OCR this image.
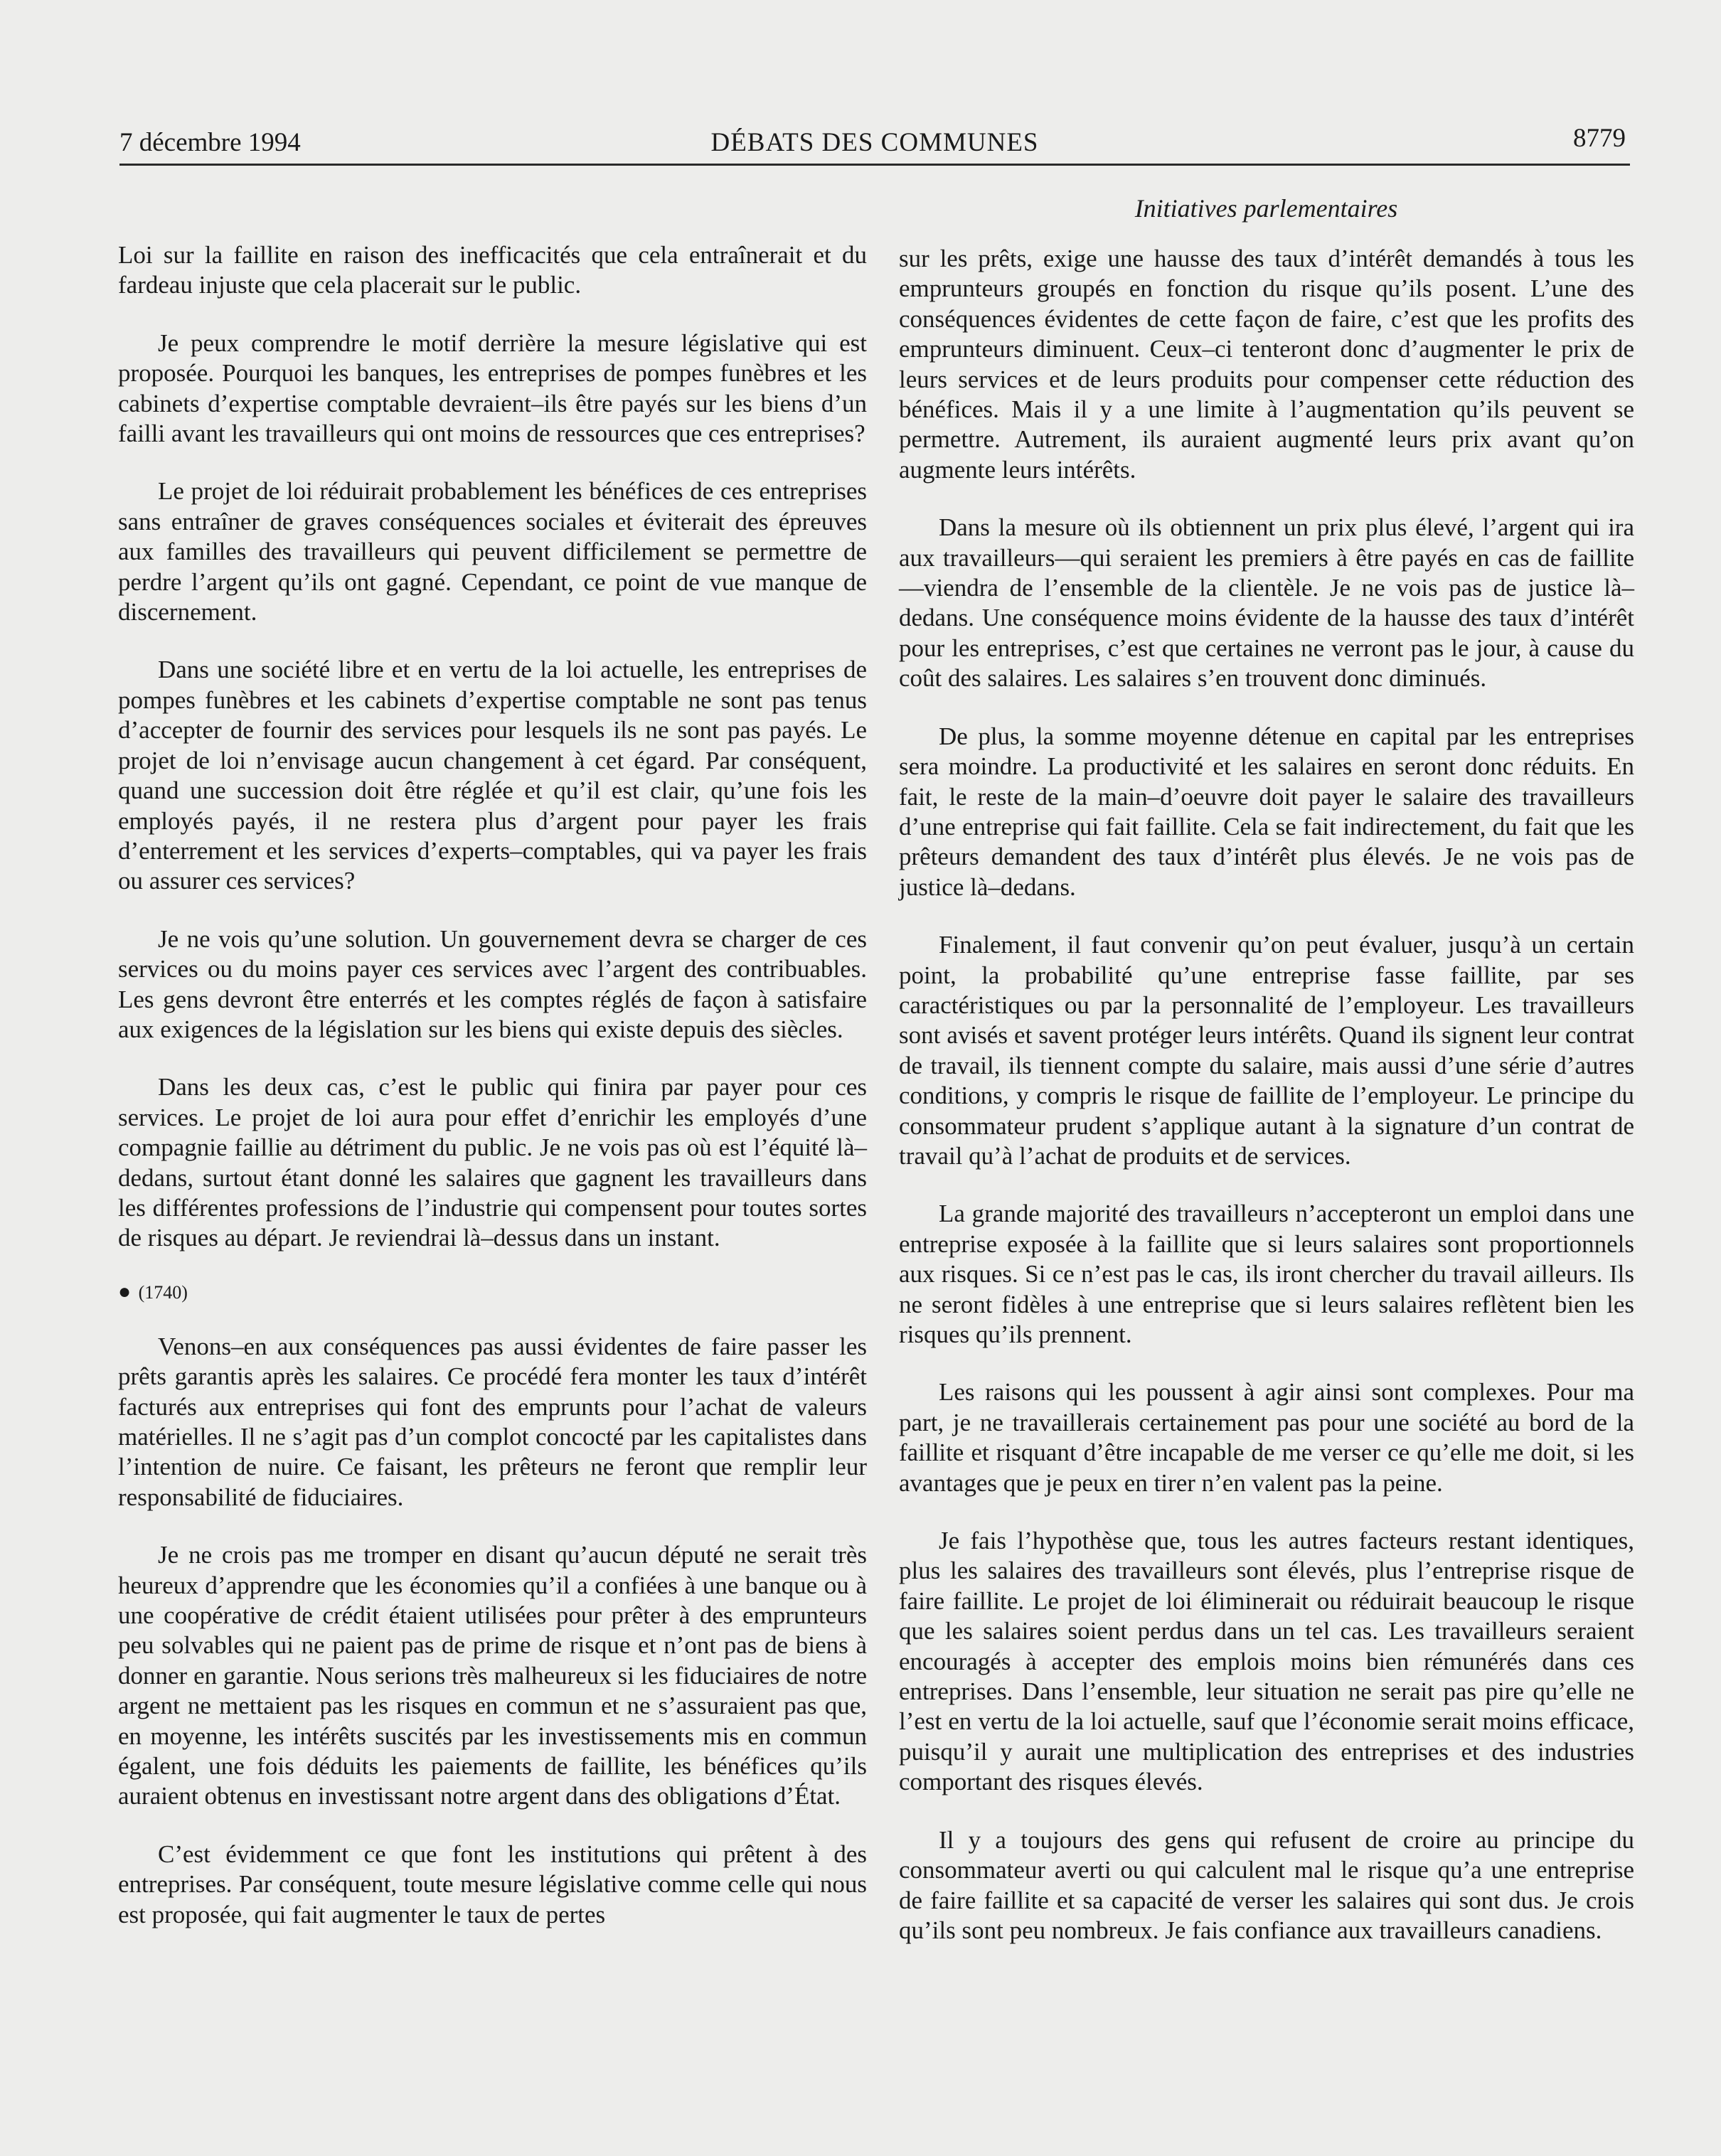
7 décembre 1994	DÉBATS DES COMMUNES	8779
Initiatives parlementaires

Loi sur la faillite en raison des inefficacités que cela entraînerait et du fardeau injuste que cela placerait sur le public.

Je peux comprendre le motif derrière la mesure législative qui est proposée. Pourquoi les banques, les entreprises de pompes funèbres et les cabinets d’expertise comptable devraient–ils être payés sur les biens d’un failli avant les travailleurs qui ont moins de ressources que ces entreprises?

Le projet de loi réduirait probablement les bénéfices de ces entreprises sans entraîner de graves conséquences sociales et éviterait des épreuves aux familles des travailleurs qui peuvent difficilement se permettre de perdre l’argent qu’ils ont gagné. Cependant, ce point de vue manque de discernement.

Dans une société libre et en vertu de la loi actuelle, les entreprises de pompes funèbres et les cabinets d’expertise comptable ne sont pas tenus d’accepter de fournir des services pour lesquels ils ne sont pas payés. Le projet de loi n’envisage aucun changement à cet égard. Par conséquent, quand une succession doit être réglée et qu’il est clair, qu’une fois les employés payés, il ne restera plus d’argent pour payer les frais d’enterrement et les services d’experts–comptables, qui va payer les frais ou assurer ces services?

Je ne vois qu’une solution. Un gouvernement devra se charger de ces services ou du moins payer ces services avec l’argent des contribuables. Les gens devront être enterrés et les comptes réglés de façon à satisfaire aux exigences de la législation sur les biens qui existe depuis des siècles.

Dans les deux cas, c’est le public qui finira par payer pour ces services. Le projet de loi aura pour effet d’enrichir les employés d’une compagnie faillie au détriment du public. Je ne vois pas où est l’équité là–dedans, surtout étant donné les salaires que gagnent les travailleurs dans les différentes professions de l’industrie qui compensent pour toutes sortes de risques au départ. Je reviendrai là–dessus dans un instant.

● (1740)

Venons–en aux conséquences pas aussi évidentes de faire passer les prêts garantis après les salaires. Ce procédé fera monter les taux d’intérêt facturés aux entreprises qui font des emprunts pour l’achat de valeurs matérielles. Il ne s’agit pas d’un complot concocté par les capitalistes dans l’intention de nuire. Ce faisant, les prêteurs ne feront que remplir leur responsabilité de fiduciaires.

Je ne crois pas me tromper en disant qu’aucun député ne serait très heureux d’apprendre que les économies qu’il a confiées à une banque ou à une coopérative de crédit étaient utilisées pour prêter à des emprunteurs peu solvables qui ne paient pas de prime de risque et n’ont pas de biens à donner en garantie. Nous serions très malheureux si les fiduciaires de notre argent ne mettaient pas les risques en commun et ne s’assuraient pas que, en moyenne, les intérêts suscités par les investissements mis en commun égalent, une fois déduits les paiements de faillite, les bénéfices qu’ils auraient obtenus en investissant notre argent dans des obligations d’État.

C’est évidemment ce que font les institutions qui prêtent à des entreprises. Par conséquent, toute mesure législative comme celle qui nous est proposée, qui fait augmenter le taux de pertes

sur les prêts, exige une hausse des taux d’intérêt demandés à tous les emprunteurs groupés en fonction du risque qu’ils posent. L’une des conséquences évidentes de cette façon de faire, c’est que les profits des emprunteurs diminuent. Ceux–ci tenteront donc d’augmenter le prix de leurs services et de leurs produits pour compenser cette réduction des bénéfices. Mais il y a une limite à l’augmentation qu’ils peuvent se permettre. Autrement, ils auraient augmenté leurs prix avant qu’on augmente leurs intérêts.

Dans la mesure où ils obtiennent un prix plus élevé, l’argent qui ira aux travailleurs—qui seraient les premiers à être payés en cas de faillite—viendra de l’ensemble de la clientèle. Je ne vois pas de justice là–dedans. Une conséquence moins évidente de la hausse des taux d’intérêt pour les entreprises, c’est que certaines ne verront pas le jour, à cause du coût des salaires. Les salaires s’en trouvent donc diminués.

De plus, la somme moyenne détenue en capital par les entreprises sera moindre. La productivité et les salaires en seront donc réduits. En fait, le reste de la main–d’oeuvre doit payer le salaire des travailleurs d’une entreprise qui fait faillite. Cela se fait indirectement, du fait que les prêteurs demandent des taux d’intérêt plus élevés. Je ne vois pas de justice là–dedans.

Finalement, il faut convenir qu’on peut évaluer, jusqu’à un certain point, la probabilité qu’une entreprise fasse faillite, par ses caractéristiques ou par la personnalité de l’employeur. Les travailleurs sont avisés et savent protéger leurs intérêts. Quand ils signent leur contrat de travail, ils tiennent compte du salaire, mais aussi d’une série d’autres conditions, y compris le risque de faillite de l’employeur. Le principe du consommateur prudent s’applique autant à la signature d’un contrat de travail qu’à l’achat de produits et de services.

La grande majorité des travailleurs n’accepteront un emploi dans une entreprise exposée à la faillite que si leurs salaires sont proportionnels aux risques. Si ce n’est pas le cas, ils iront chercher du travail ailleurs. Ils ne seront fidèles à une entreprise que si leurs salaires reflètent bien les risques qu’ils prennent.

Les raisons qui les poussent à agir ainsi sont complexes. Pour ma part, je ne travaillerais certainement pas pour une société au bord de la faillite et risquant d’être incapable de me verser ce qu’elle me doit, si les avantages que je peux en tirer n’en valent pas la peine.

Je fais l’hypothèse que, tous les autres facteurs restant identiques, plus les salaires des travailleurs sont élevés, plus l’entreprise risque de faire faillite. Le projet de loi éliminerait ou réduirait beaucoup le risque que les salaires soient perdus dans un tel cas. Les travailleurs seraient encouragés à accepter des emplois moins bien rémunérés dans ces entreprises. Dans l’ensemble, leur situation ne serait pas pire qu’elle ne l’est en vertu de la loi actuelle, sauf que l’économie serait moins efficace, puisqu’il y aurait une multiplication des entreprises et des industries comportant des risques élevés.

Il y a toujours des gens qui refusent de croire au principe du consommateur averti ou qui calculent mal le risque qu’a une entreprise de faire faillite et sa capacité de verser les salaires qui sont dus. Je crois qu’ils sont peu nombreux. Je fais confiance aux travailleurs canadiens.
